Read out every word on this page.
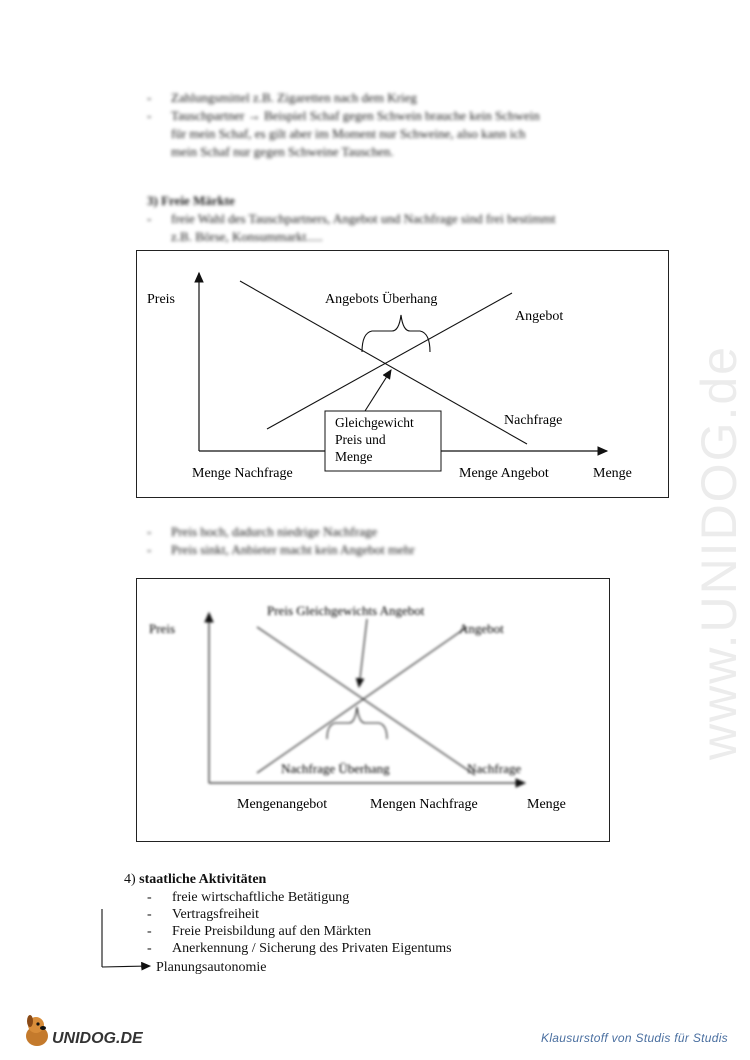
www.UNIDOG.de
- Zahlungsmittel z.B. Zigaretten nach dem Krieg
- Tauschpartner → Beispiel Schaf gegen Schwein brauche kein Schwein
für mein Schaf, es gilt aber im Moment nur Schweine, also kann ich
mein Schaf nur gegen Schweine Tauschen.
3) Freie Märkte
- freie Wahl des Tauschpartners, Angebot und Nachfrage sind frei bestimmt
z.B. Börse, Konsummarkt.....
Gleichgewicht
Preis und
Menge
Preis	Angebots Überhang
Angebot
Nachfrage
Menge Nachfrage	Menge Angebot	Menge
- Preis hoch, dadurch niedrige Nachfrage
- Preis sinkt, Anbieter macht kein Angebot mehr
Preis
Preis Gleichgewichts Angebot
Angebot
Nachfrage Überhang	Nachfrage
Mengenangebot	Mengen Nachfrage	Menge
4) staatliche Aktivitäten
- freie wirtschaftliche Betätigung
- Vertragsfreiheit
- Freie Preisbildung auf den Märkten
- Anerkennung / Sicherung des Privaten Eigentums
Planungsautonomie
UNIDOG.DE	Klausurstoff von Studis für Studis
